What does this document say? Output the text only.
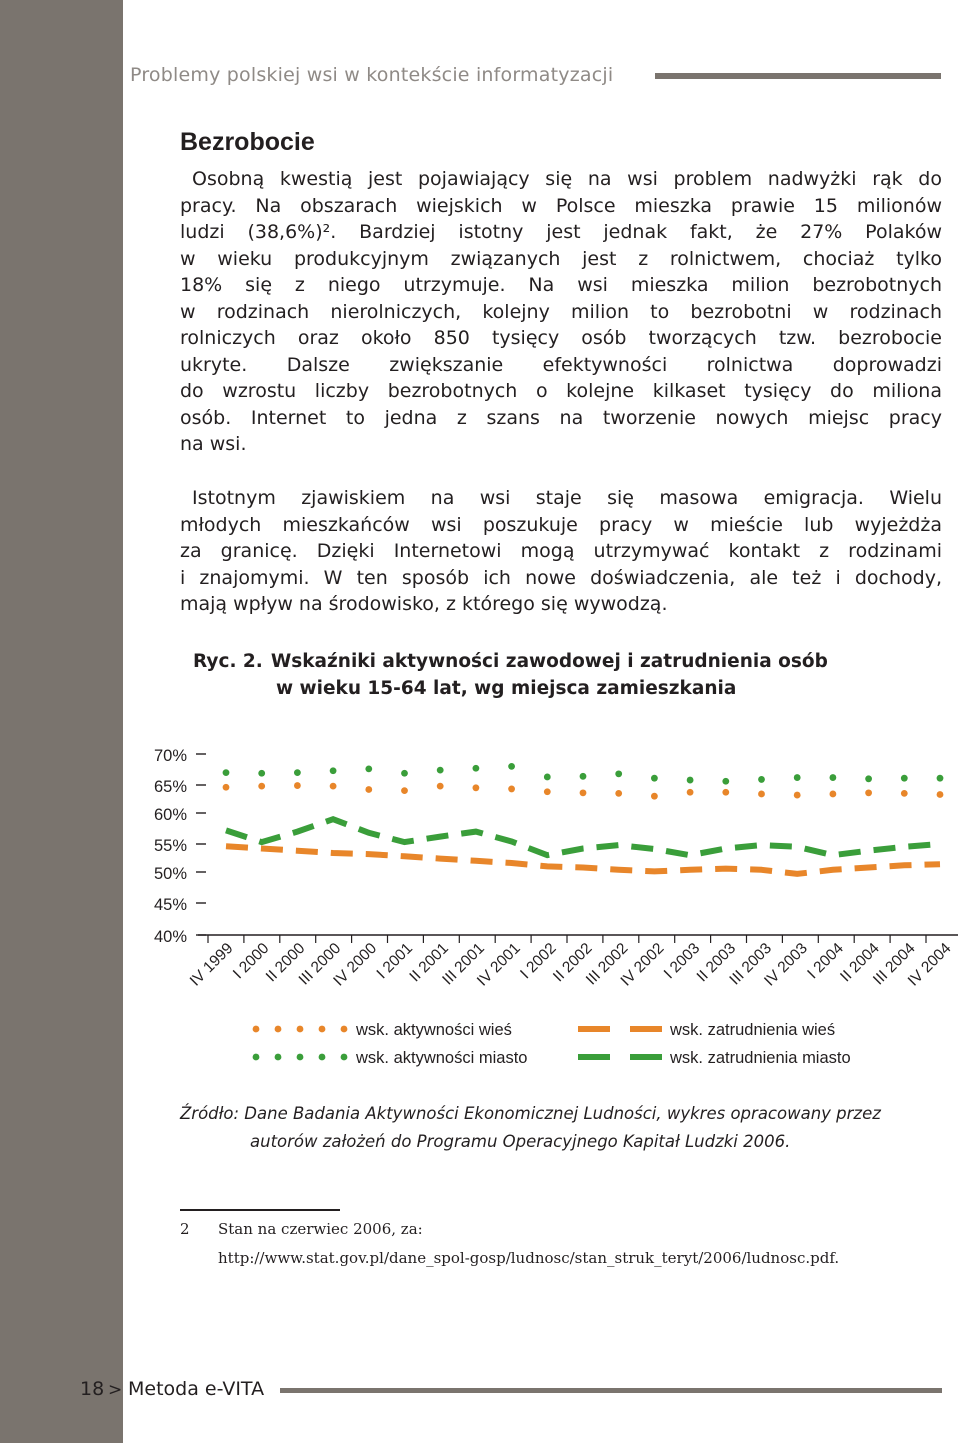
Problemy polskiej wsi w kontekście informatyzacji
Bezrobocie
Osobną kwestią jest pojawiający się na wsi problem nadwyżki rąk do
pracy. Na obszarach wiejskich w Polsce mieszka prawie 15 milionów
ludzi (38,6%)². Bardziej istotny jest jednak fakt, że 27% Polaków
w wieku produkcyjnym związanych jest z rolnictwem, chociaż tylko
18% się z niego utrzymuje. Na wsi mieszka milion bezrobotnych
w rodzinach nierolniczych, kolejny milion to bezrobotni w rodzinach
rolniczych oraz około 850 tysięcy osób tworzących tzw. bezrobocie
ukryte. Dalsze zwiększanie efektywności rolnictwa doprowadzi
do wzrostu liczby bezrobotnych o kolejne kilkaset tysięcy do miliona
osób. Internet to jedna z szans na tworzenie nowych miejsc pracy
na wsi.
Istotnym zjawiskiem na wsi staje się masowa emigracja. Wielu
młodych mieszkańców wsi poszukuje pracy w mieście lub wyjeżdża
za granicę. Dzięki Internetowi mogą utrzymywać kontakt z rodzinami
i znajomymi. W ten sposób ich nowe doświadczenia, ale też i dochody,
mają wpływ na środowisko, z którego się wywodzą.
Ryc. 2. Wskaźniki aktywności zawodowej i zatrudnienia osób
w wieku 15-64 lat, wg miejsca zamieszkania
70%
65%
60%
55%
50%
45%
40%
IV 1999
I 2000
II 2000
III 2000
IV 2000
I 2001
II 2001
III 2001
IV 2001
I 2002
II 2002
III 2002
IV 2002
I 2003
II 2003
III 2003
IV 2003
I 2004
II 2004
III 2004
IV 2004
wsk. aktywności wieś	wsk. zatrudnienia wieś
wsk. aktywności miasto	wsk. zatrudnienia miasto
Źródło: Dane Badania Aktywności Ekonomicznej Ludności, wykres opracowany przez
autorów założeń do Programu Operacyjnego Kapitał Ludzki 2006.
2 Stan na czerwiec 2006, za:
http://www.stat.gov.pl/dane_spol-gosp/ludnosc/stan_struk_teryt/2006/ludnosc.pdf.
18 > Metoda e-VITA
